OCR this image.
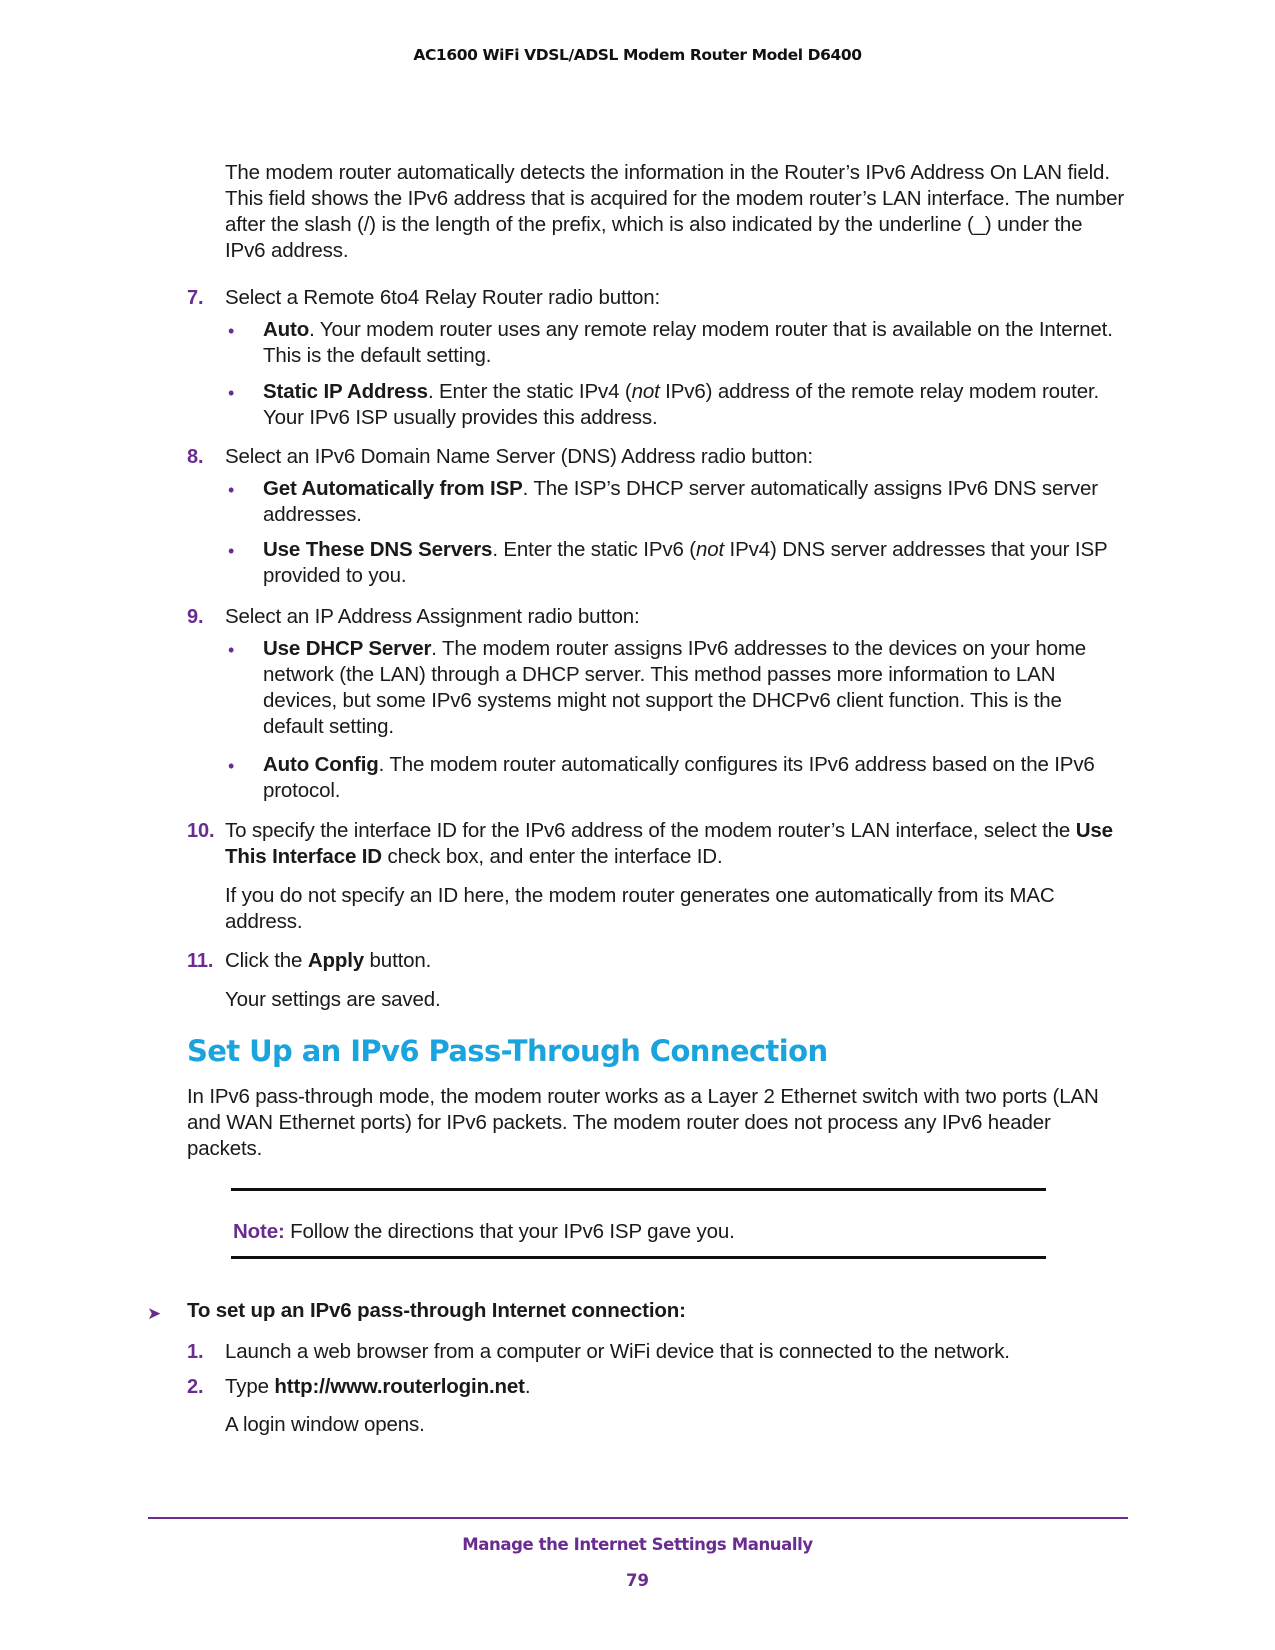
AC1600 WiFi VDSL/ADSL Modem Router Model D6400
The modem router automatically detects the information in the Router’s IPv6 Address On LAN field. This field shows the IPv6 address that is acquired for the modem router’s LAN interface. The number after the slash (/) is the length of the prefix, which is also indicated by the underline (_) under the IPv6 address.
7. Select a Remote 6to4 Relay Router radio button:
• Auto. Your modem router uses any remote relay modem router that is available on the Internet. This is the default setting.
• Static IP Address. Enter the static IPv4 (not IPv6) address of the remote relay modem router. Your IPv6 ISP usually provides this address.
8. Select an IPv6 Domain Name Server (DNS) Address radio button:
• Get Automatically from ISP. The ISP’s DHCP server automatically assigns IPv6 DNS server addresses.
• Use These DNS Servers. Enter the static IPv6 (not IPv4) DNS server addresses that your ISP provided to you.
9. Select an IP Address Assignment radio button:
• Use DHCP Server. The modem router assigns IPv6 addresses to the devices on your home network (the LAN) through a DHCP server. This method passes more information to LAN devices, but some IPv6 systems might not support the DHCPv6 client function. This is the default setting.
• Auto Config. The modem router automatically configures its IPv6 address based on the IPv6 protocol.
10. To specify the interface ID for the IPv6 address of the modem router’s LAN interface, select the Use This Interface ID check box, and enter the interface ID.
If you do not specify an ID here, the modem router generates one automatically from its MAC address.
11. Click the Apply button.
Your settings are saved.
Set Up an IPv6 Pass-Through Connection
In IPv6 pass-through mode, the modem router works as a Layer 2 Ethernet switch with two ports (LAN and WAN Ethernet ports) for IPv6 packets. The modem router does not process any IPv6 header packets.
Note: Follow the directions that your IPv6 ISP gave you.
➤ To set up an IPv6 pass-through Internet connection:
1. Launch a web browser from a computer or WiFi device that is connected to the network.
2. Type http://www.routerlogin.net.
A login window opens.
Manage the Internet Settings Manually
79
